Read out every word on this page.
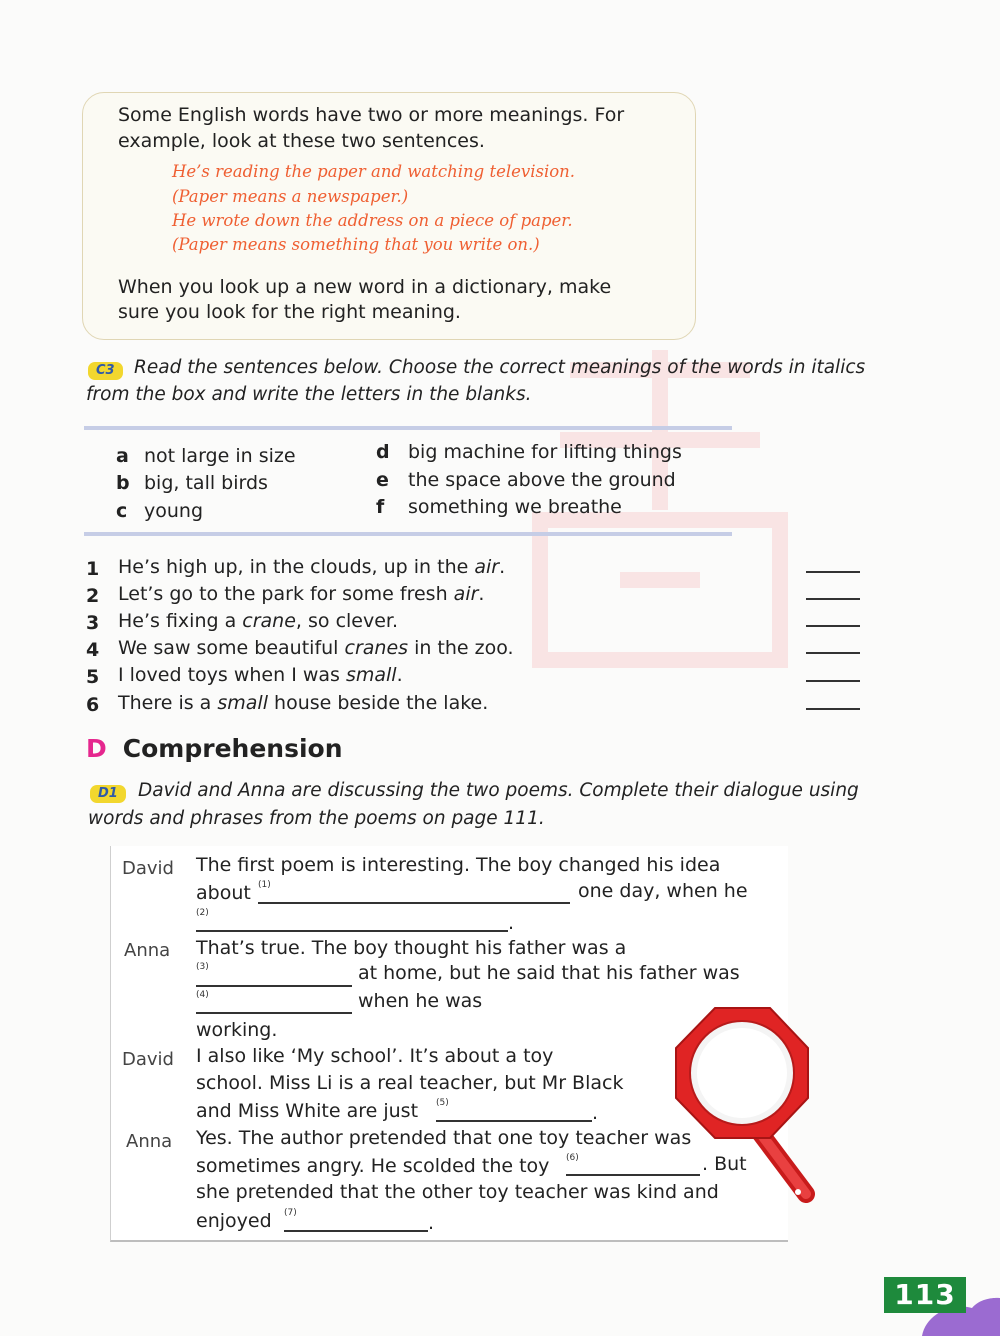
Some English words have two or more meanings. For
example, look at these two sentences.
He’s reading the paper and watching television.
(Paper means a newspaper.)
He wrote down the address on a piece of paper.
(Paper means something that you write on.)
When you look up a new word in a dictionary, make
sure you look for the right meaning.
C3	Read the sentences below. Choose the correct meanings of the words in italics
from the box and write the letters in the blanks.
a not large in size
b big, tall birds
c young
d big machine for lifting things
e the space above the ground
f something we breathe
1 He’s high up, in the clouds, up in the air.
2 Let’s go to the park for some fresh air.
3 He’s fixing a crane, so clever.
4 We saw some beautiful cranes in the zoo.
5 I loved toys when I was small.
6 There is a small house beside the lake.
D Comprehension
D1	David and Anna are discussing the two poems. Complete their dialogue using
words and phrases from the poems on page 111.
David The first poem is interesting. The boy changed his idea
about (1)	one day, when he
(2)	.
Anna That’s true. The boy thought his father was a
(3)	at home, but he said that his father was
(4)	when he was
working.
David I also like ‘My school’. It’s about a toy
school. Miss Li is a real teacher, but Mr Black
and Miss White are just (5)	.
Anna Yes. The author pretended that one toy teacher was
sometimes angry. He scolded the toy (6)	. But
she pretended that the other toy teacher was kind and
enjoyed (7)	.
113
